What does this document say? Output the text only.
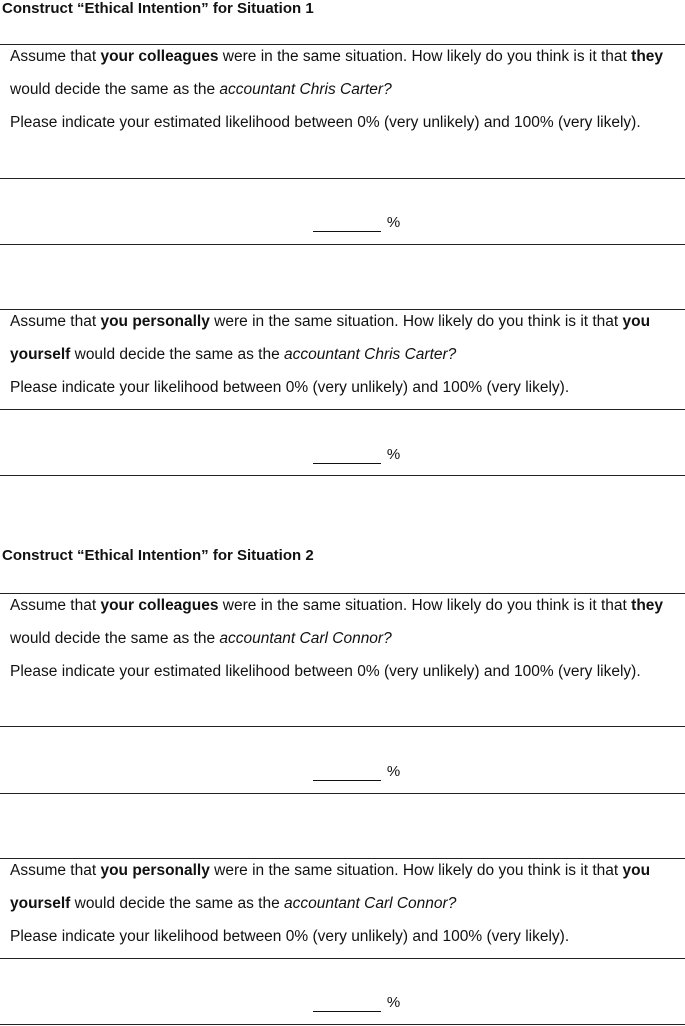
Construct “Ethical Intention” for Situation 1

Assume that your colleagues were in the same situation. How likely do you think is it that they would decide the same as the accountant Chris Carter?
Please indicate your estimated likelihood between 0% (very unlikely) and 100% (very likely).

%

Assume that you personally were in the same situation. How likely do you think is it that you yourself would decide the same as the accountant Chris Carter?
Please indicate your likelihood between 0% (very unlikely) and 100% (very likely).

%
Construct “Ethical Intention” for Situation 2

Assume that your colleagues were in the same situation. How likely do you think is it that they would decide the same as the accountant Carl Connor?
Please indicate your estimated likelihood between 0% (very unlikely) and 100% (very likely).

%

Assume that you personally were in the same situation. How likely do you think is it that you yourself would decide the same as the accountant Carl Connor?
Please indicate your likelihood between 0% (very unlikely) and 100% (very likely).

%
